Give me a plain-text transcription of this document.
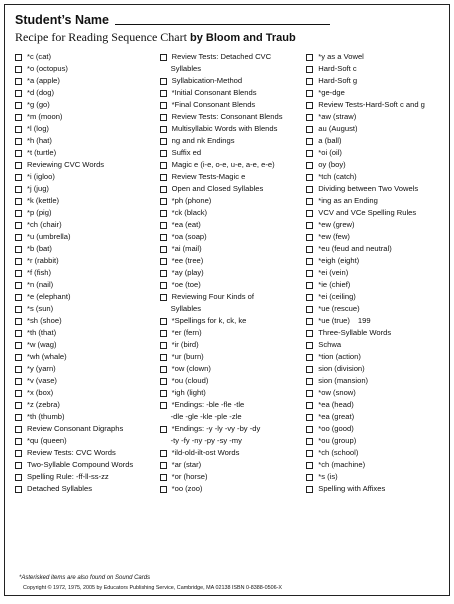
Student’s Name
Recipe for Reading Sequence Chart by Bloom and Traub
*c (cat)
*o (octopus)
*a (apple)
*d (dog)
*g (go)
*m (moon)
*l (log)
*h (hat)
*t (turtle)
Reviewing CVC Words
*i (igloo)
*j (jug)
*k (kettle)
*p (pig)
*ch (chair)
*u (umbrella)
*b (bat)
*r (rabbit)
*f (fish)
*n (nail)
*e (elephant)
*s (sun)
*sh (shoe)
*th (that)
*w (wag)
*wh (whale)
*y (yarn)
*v (vase)
*x (box)
*z (zebra)
*th (thumb)
Review Consonant Digraphs
*qu (queen)
Review Tests: CVC Words
Two-Syllable Compound Words
Spelling Rule: -ff-ll-ss-zz
Detached Syllables
Review Tests: Detached CVC
Syllables
Syllabication-Method
*Initial Consonant Blends
*Final Consonant Blends
Review Tests: Consonant Blends
Multisyllabic Words with Blends
ng and nk Endings
Suffix ed
Magic e (i-e, o-e, u-e, a-e, e-e)
Review Tests-Magic e
Open and Closed Syllables
*ph (phone)
*ck (black)
*ea (eat)
*oa (soap)
*ai (mail)
*ee (tree)
*ay (play)
*oe (toe)
Reviewing Four Kinds of
Syllables
*Spellings for k, ck, ke
*er (fern)
*ir (bird)
*ur (burn)
*ow (clown)
*ou (cloud)
*igh (light)
*Endings: -ble -fle -tle
-dle -gle -kle -ple -zle
*Endings: -y -ly -vy -by -dy
-ty -fy -ny -py -sy -my
*ild-old-ilt-ost Words
*ar (star)
*or (horse)
*oo (zoo)
*y as a Vowel
Hard-Soft c
Hard-Soft g
*ge-dge
Review Tests-Hard-Soft c and g
*aw (straw)
au (August)
a (ball)
*oi (oil)
oy (boy)
*tch (catch)
Dividing between Two Vowels
*ing as an Ending
VCV and VCe Spelling Rules
*ew (grew)
*ew (few)
*eu (feud and neutral)
*eigh (eight)
*ei (vein)
*ie (chief)
*ei (ceiling)
*ue (rescue)
*ue (true) 199
Three-Syllable Words
Schwa
*tion (action)
sion (division)
sion (mansion)
*ow (snow)
*ea (head)
*ea (great)
*oo (good)
*ou (group)
*ch (school)
*ch (machine)
*s (is)
Spelling with Affixes
*Asterisked items are also found on Sound Cards
Copyright © 1972, 1975, 2005 by Educators Publishing Service, Cambridge, MA 02138 ISBN 0-8388-0506-X
